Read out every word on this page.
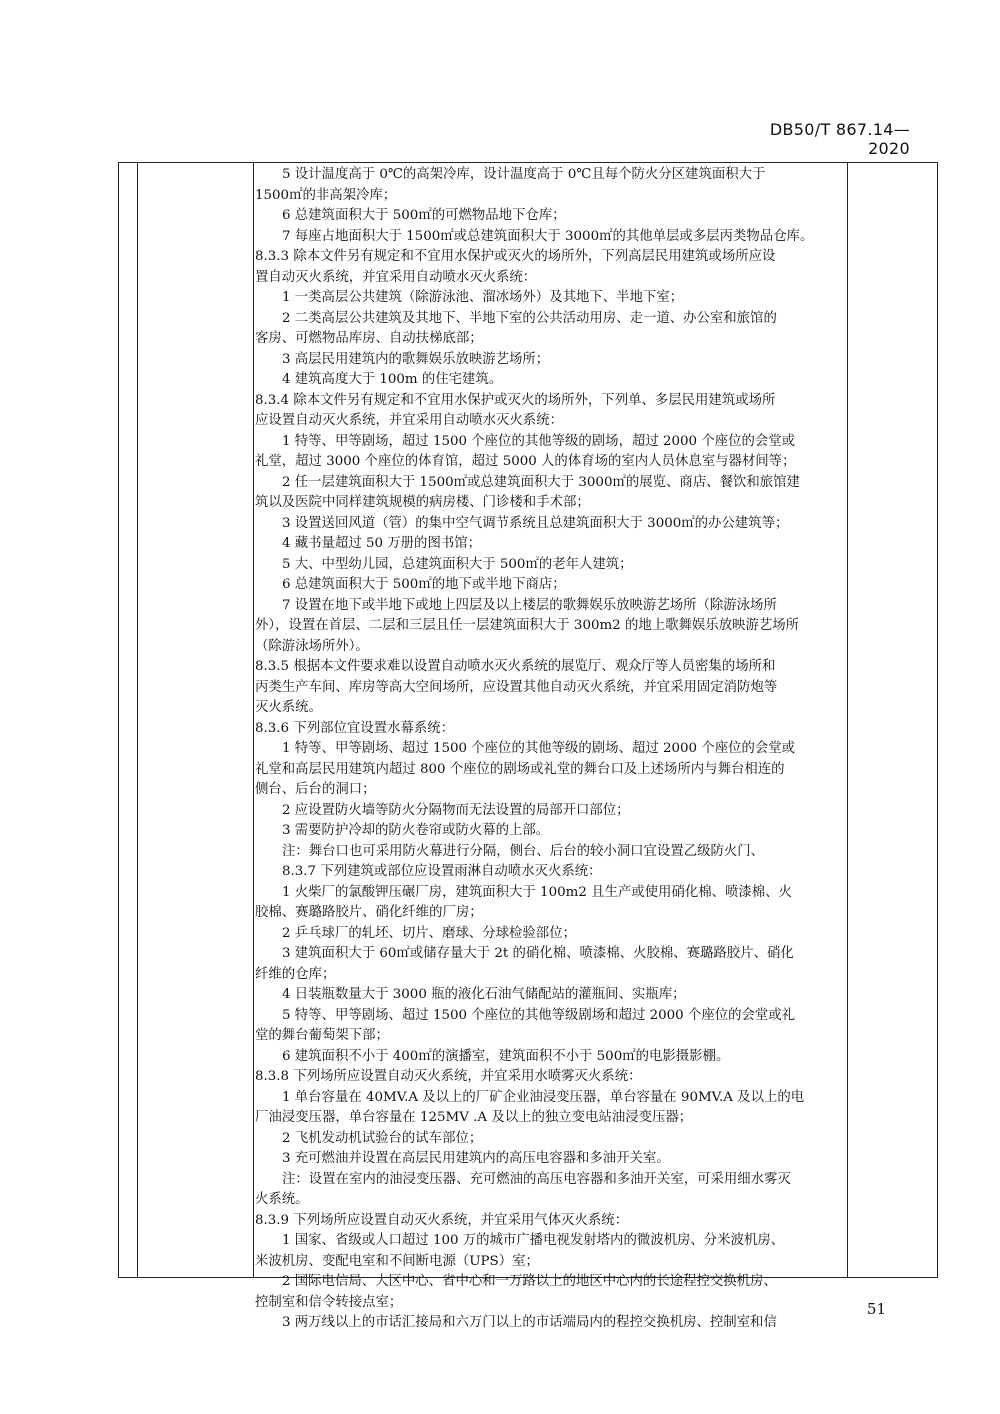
DB50/T 867.14—2020
5 设计温度高于 0℃的高架冷库，设计温度高于 0℃且每个防火分区建筑面积大于
1500㎡的非高架冷库；
6 总建筑面积大于 500㎡的可燃物品地下仓库；
7 每座占地面积大于 1500㎡或总建筑面积大于 3000㎡的其他单层或多层丙类物品仓库。
8.3.3 除本文件另有规定和不宜用水保护或灭火的场所外，下列高层民用建筑或场所应设
置自动灭火系统，并宜采用自动喷水灭火系统：
1 一类高层公共建筑（除游泳池、溜冰场外）及其地下、半地下室；
2 二类高层公共建筑及其地下、半地下室的公共活动用房、走一道、办公室和旅馆的
客房、可燃物品库房、自动扶梯底部；
3 高层民用建筑内的歌舞娱乐放映游艺场所；
4 建筑高度大于 100m 的住宅建筑。
8.3.4 除本文件另有规定和不宜用水保护或灭火的场所外，下列单、多层民用建筑或场所
应设置自动灭火系统，并宜采用自动喷水灭火系统：
1 特等、甲等剧场，超过 1500 个座位的其他等级的剧场，超过 2000 个座位的会堂或
礼堂，超过 3000 个座位的体育馆，超过 5000 人的体育场的室内人员休息室与器材间等；
2 任一层建筑面积大于 1500㎡或总建筑面积大于 3000㎡的展览、商店、餐饮和旅馆建
筑以及医院中同样建筑规模的病房楼、门诊楼和手术部；
3 设置送回风道（管）的集中空气调节系统且总建筑面积大于 3000㎡的办公建筑等；
4 藏书量超过 50 万册的图书馆；
5 大、中型幼儿园，总建筑面积大于 500㎡的老年人建筑；
6 总建筑面积大于 500㎡的地下或半地下商店；
7 设置在地下或半地下或地上四层及以上楼层的歌舞娱乐放映游艺场所（除游泳场所
外），设置在首层、二层和三层且任一层建筑面积大于 300m2 的地上歌舞娱乐放映游艺场所
（除游泳场所外）。
8.3.5 根据本文件要求难以设置自动喷水灭火系统的展览厅、观众厅等人员密集的场所和
丙类生产车间、库房等高大空间场所，应设置其他自动灭火系统，并宜采用固定消防炮等
灭火系统。
8.3.6 下列部位宜设置水幕系统：
1 特等、甲等剧场、超过 1500 个座位的其他等级的剧场、超过 2000 个座位的会堂或
礼堂和高层民用建筑内超过 800 个座位的剧场或礼堂的舞台口及上述场所内与舞台相连的
侧台、后台的洞口；
2 应设置防火墙等防火分隔物而无法设置的局部开口部位；
3 需要防护冷却的防火卷帘或防火幕的上部。
注：舞台口也可采用防火幕进行分隔，侧台、后台的较小洞口宜设置乙级防火门、
8.3.7 下列建筑或部位应设置雨淋自动喷水灭火系统：
1 火柴厂的氯酸钾压碾厂房，建筑面积大于 100m2 且生产或使用硝化棉、喷漆棉、火
胶棉、赛璐路胶片、硝化纤维的厂房；
2 乒乓球厂的轧坯、切片、磨球、分球检验部位；
3 建筑面积大于 60㎡或储存量大于 2t 的硝化棉、喷漆棉、火胶棉、赛璐路胶片、硝化
纤维的仓库；
4 日装瓶数量大于 3000 瓶的液化石油气储配站的灌瓶间、实瓶库；
5 特等、甲等剧场、超过 1500 个座位的其他等级剧场和超过 2000 个座位的会堂或礼
堂的舞台葡萄架下部；
6 建筑面积不小于 400㎡的演播室，建筑面积不小于 500㎡的电影摄影棚。
8.3.8 下列场所应设置自动灭火系统，并宜采用水喷雾灭火系统：
1 单台容量在 40MV.A 及以上的厂矿企业油浸变压器，单台容量在 90MV.A 及以上的电
厂油浸变压器，单台容量在 125MV .A 及以上的独立变电站油浸变压器；
2 飞机发动机试验台的试车部位；
3 充可燃油并设置在高层民用建筑内的高压电容器和多油开关室。
注：设置在室内的油浸变压器、充可燃油的高压电容器和多油开关室，可采用细水雾灭
火系统。
8.3.9 下列场所应设置自动灭火系统，并宜采用气体灭火系统：
1 国家、省级或人口超过 100 万的城市广播电视发射塔内的微波机房、分米波机房、
米波机房、变配电室和不间断电源（UPS）室；
2 国际电信局、大区中心、省中心和一万路以上的地区中心内的长途程控交换机房、
控制室和信令转接点室；
3 两万线以上的市话汇接局和六万门以上的市话端局内的程控交换机房、控制室和信
51
